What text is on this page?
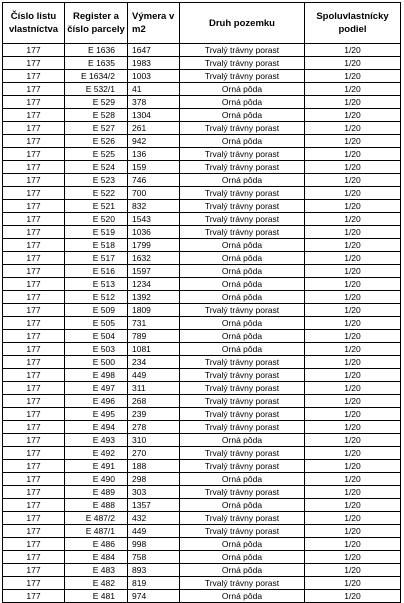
Číslo listu vlastníctva	Register a číslo parcely	Výmera v m2	Druh pozemku	Spoluvlastnícky podiel
177	E 1636	1647	Trvalý trávny porast	1/20
177	E 1635	1983	Trvalý trávny porast	1/20
177	E 1634/2	1003	Trvalý trávny porast	1/20
177	E 532/1	41	Orná pôda	1/20
177	E 529	378	Orná pôda	1/20
177	E 528	1304	Orná pôda	1/20
177	E 527	261	Trvalý trávny porast	1/20
177	E 526	942	Orná pôda	1/20
177	E 525	136	Trvalý trávny porast	1/20
177	E 524	159	Trvalý trávny porast	1/20
177	E 523	746	Orná pôda	1/20
177	E 522	700	Trvalý trávny porast	1/20
177	E 521	832	Trvalý trávny porast	1/20
177	E 520	1543	Trvalý trávny porast	1/20
177	E 519	1036	Trvalý trávny porast	1/20
177	E 518	1799	Orná pôda	1/20
177	E 517	1632	Orná pôda	1/20
177	E 516	1597	Orná pôda	1/20
177	E 513	1234	Orná pôda	1/20
177	E 512	1392	Orná pôda	1/20
177	E 509	1809	Trvalý trávny porast	1/20
177	E 505	731	Orná pôda	1/20
177	E 504	789	Orná pôda	1/20
177	E 503	1081	Orná pôda	1/20
177	E 500	234	Trvalý trávny porast	1/20
177	E 498	449	Trvalý trávny porast	1/20
177	E 497	311	Trvalý trávny porast	1/20
177	E 496	268	Trvalý trávny porast	1/20
177	E 495	239	Trvalý trávny porast	1/20
177	E 494	278	Trvalý trávny porast	1/20
177	E 493	310	Orná pôda	1/20
177	E 492	270	Trvalý trávny porast	1/20
177	E 491	188	Trvalý trávny porast	1/20
177	E 490	298	Orná pôda	1/20
177	E 489	303	Trvalý trávny porast	1/20
177	E 488	1357	Orná pôda	1/20
177	E 487/2	432	Trvalý trávny porast	1/20
177	E 487/1	449	Trvalý trávny porast	1/20
177	E 486	998	Orná pôda	1/20
177	E 484	758	Orná pôda	1/20
177	E 483	893	Orná pôda	1/20
177	E 482	819	Trvalý trávny porast	1/20
177	E 481	974	Orná pôda	1/20
